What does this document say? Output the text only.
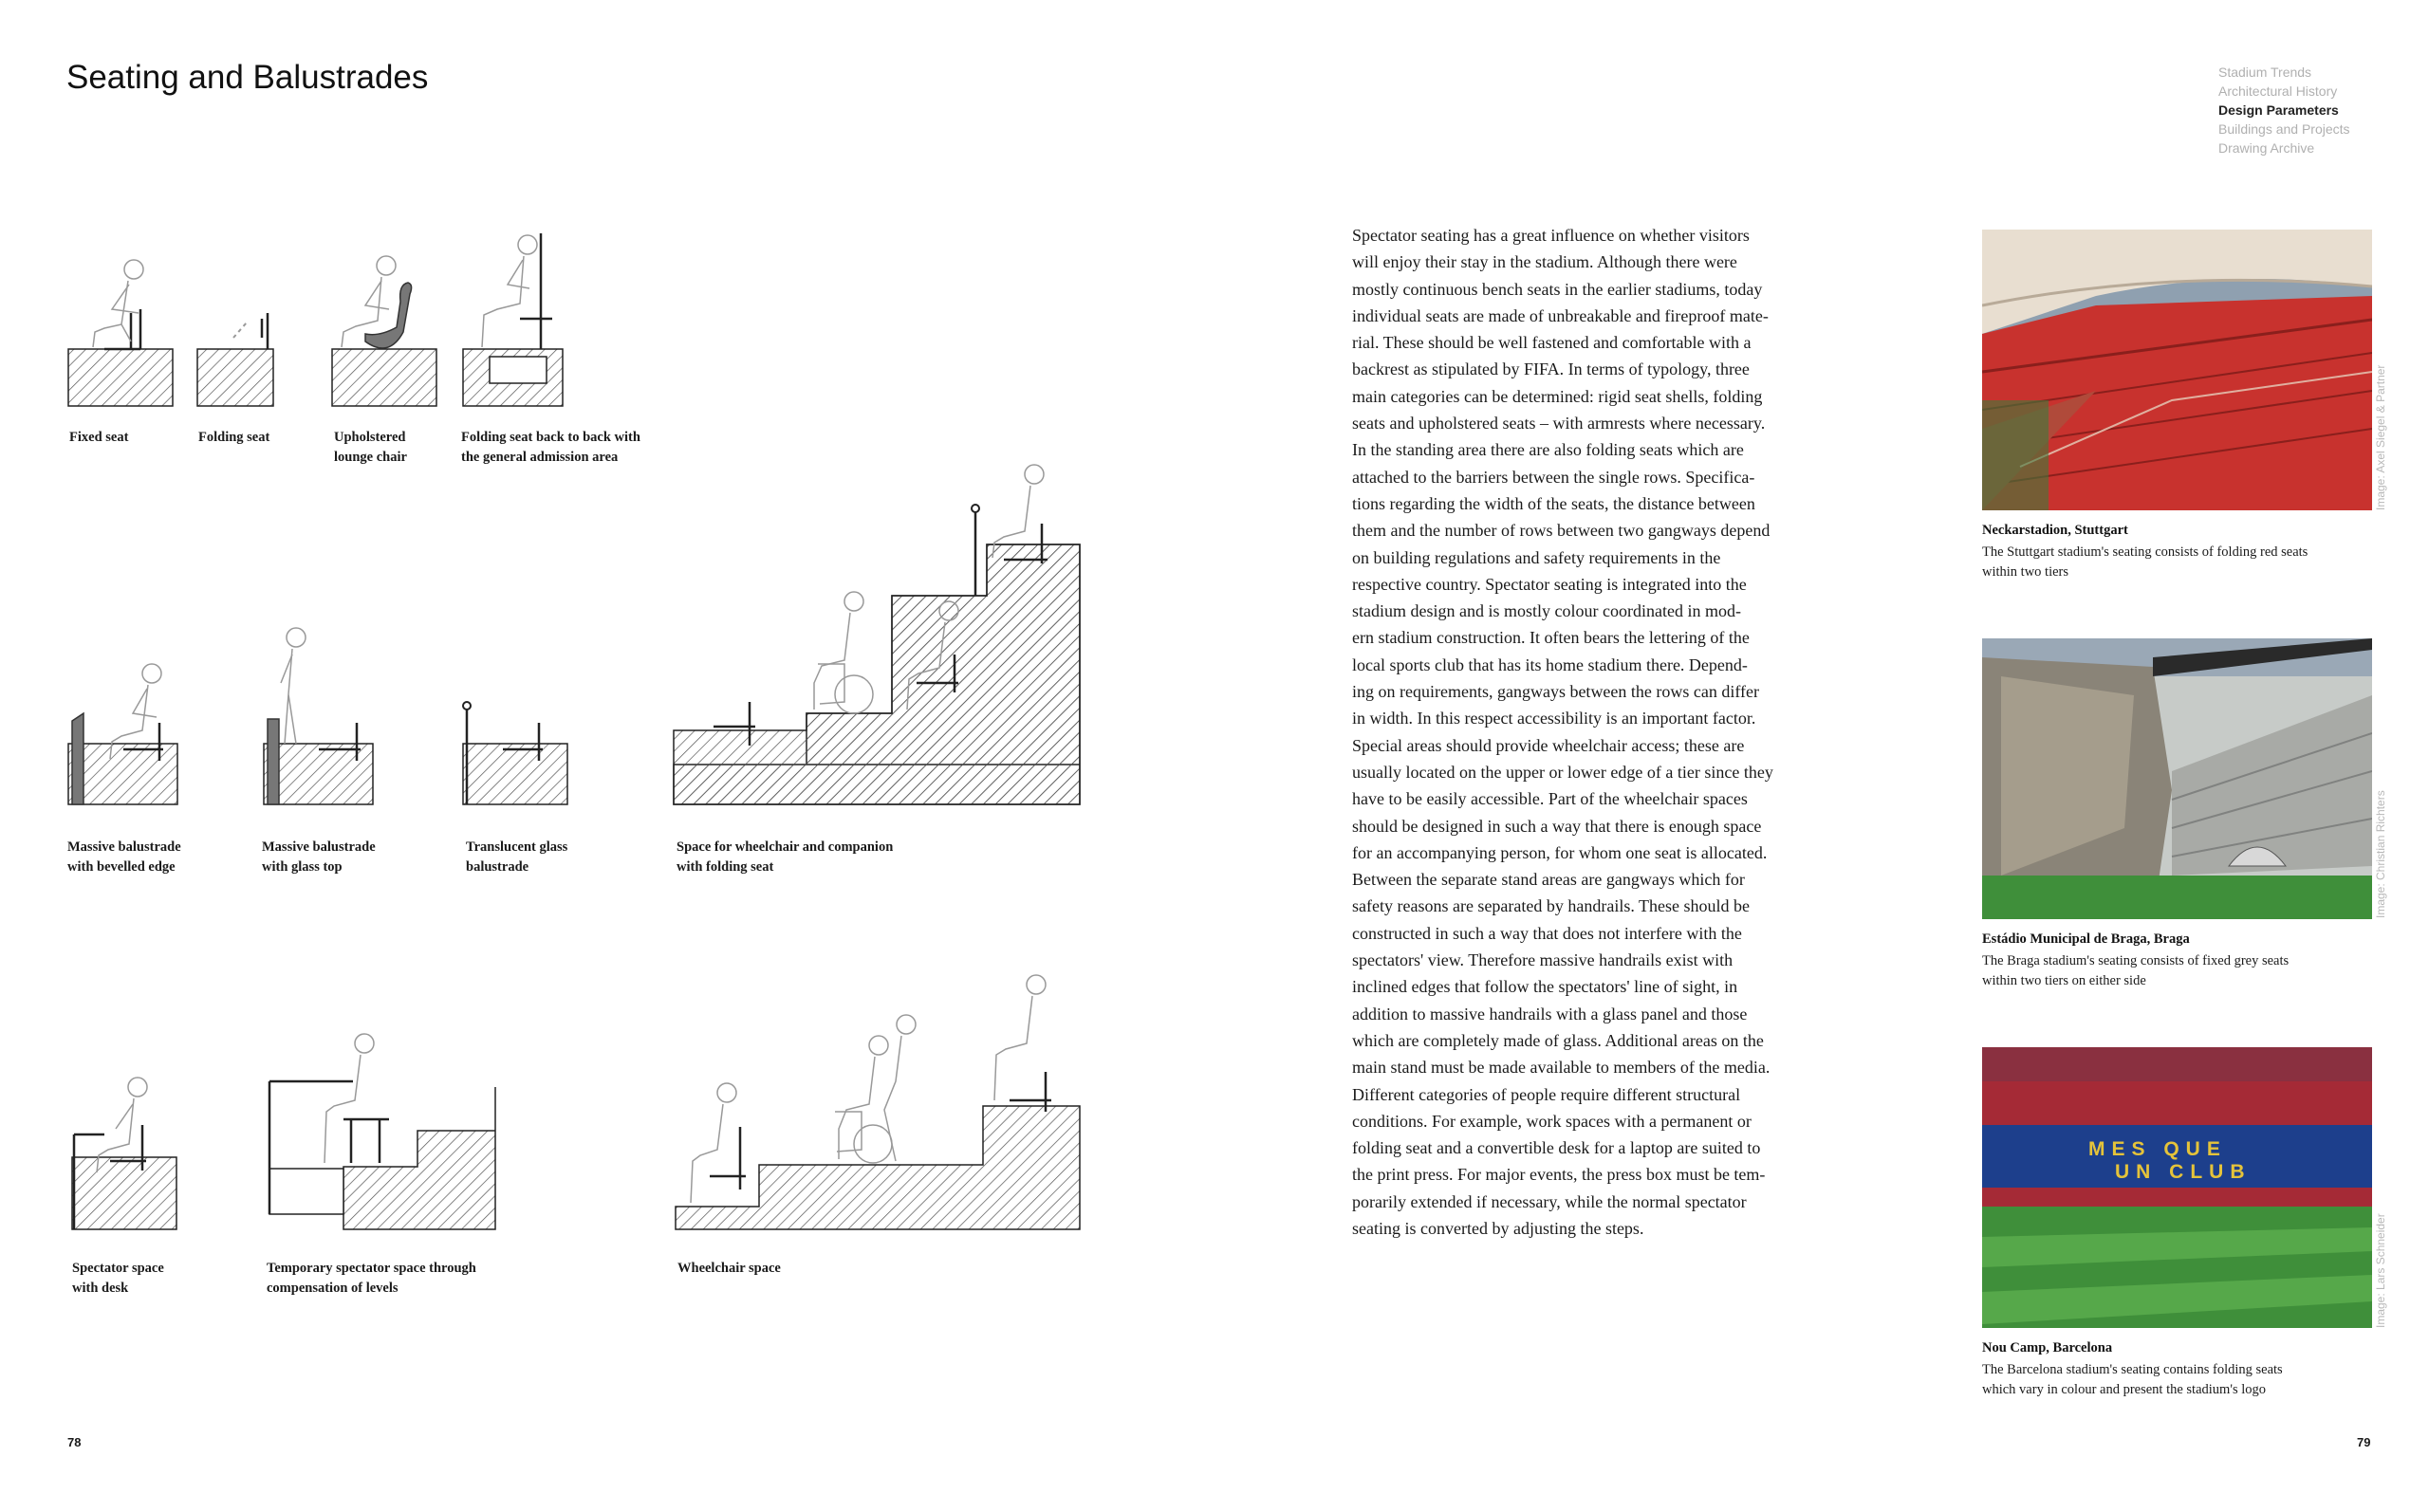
Seating and Balustrades	Stadium Trends
Architectural History
Design Parameters
Buildings and Projects
Drawing Archive
Fixed seat	Folding seat	Upholstered
lounge chair
Folding seat back to back with
the general admission area
Massive balustrade
with bevelled edge
Massive balustrade
with glass top
Translucent glass
balustrade
Space for wheelchair and companion
with folding seat
Spectator space
with desk
Temporary spectator space through
compensation of levels
Wheelchair space

Spectator seating has a great influence on whether visitors

will enjoy their stay in the stadium. Although there were

mostly continuous bench seats in the earlier stadiums, today

individual seats are made of unbreakable and fireproof mate-

rial. These should be well fastened and comfortable with a

backrest as stipulated by FIFA. In terms of typology, three

main categories can be determined: rigid seat shells, folding

seats and upholstered seats – with armrests where necessary.

In the standing area there are also folding seats which are

attached to the barriers between the single rows. Specifica-

tions regarding the width of the seats, the distance between

them and the number of rows between two gangways depend

on building regulations and safety requirements in the

respective country. Spectator seating is integrated into the

stadium design and is mostly colour coordinated in mod-

ern stadium construction. It often bears the lettering of the

local sports club that has its home stadium there. Depend-

ing on requirements, gangways between the rows can differ

in width. In this respect accessibility is an important factor.

Special areas should provide wheelchair access; these are

usually located on the upper or lower edge of a tier since they

have to be easily accessible. Part of the wheelchair spaces

should be designed in such a way that there is enough space

for an accompanying person, for whom one seat is allocated.

Between the separate stand areas are gangways which for

safety reasons are separated by handrails. These should be

constructed in such a way that does not interfere with the

spectators' view. Therefore massive handrails exist with

inclined edges that follow the spectators' line of sight, in

addition to massive handrails with a glass panel and those

which are completely made of glass. Additional areas on the

main stand must be made available to members of the media.

Different categories of people require different structural

conditions. For example, work spaces with a permanent or

folding seat and a convertible desk for a laptop are suited to

the print press. For major events, the press box must be tem-

porarily extended if necessary, while the normal spectator

seating is converted by adjusting the steps.

Image: Axel Siegel & Partner
Neckarstadion, Stuttgart
The Stuttgart stadium's seating consists of folding red seats
within two tiers
Image: Christian Richters
Estádio Municipal de Braga, Braga
The Braga stadium's seating consists of fixed grey seats
within two tiers on either side
MES QUE
UN CLUB
Image: Lars Schneider
Nou Camp, Barcelona
The Barcelona stadium's seating contains folding seats
which vary in colour and present the stadium's logo
78	79
